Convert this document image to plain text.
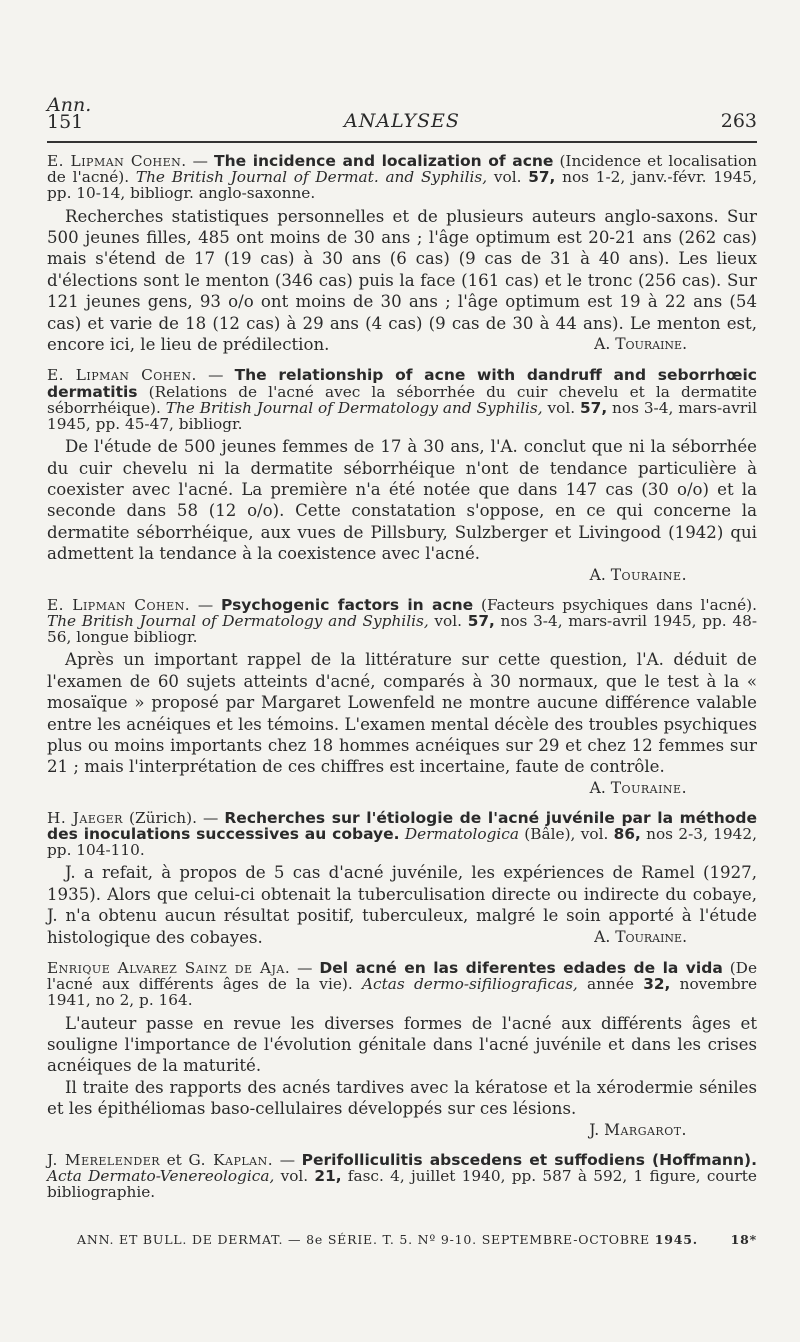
Ann.
151	ANALYSES	263

E. Lipman Cohen. — The incidence and localization of acne (Incidence et localisation de l'acné). The British Journal of Dermat. and Syphilis, vol. 57, nos 1-2, janv.-févr. 1945, pp. 10-14, bibliogr. anglo-saxonne.

Recherches statistiques personnelles et de plusieurs auteurs anglo-saxons. Sur 500 jeunes filles, 485 ont moins de 30 ans ; l'âge optimum est 20-21 ans (262 cas) mais s'étend de 17 (19 cas) à 30 ans (6 cas) (9 cas de 31 à 40 ans). Les lieux d'élections sont le menton (346 cas) puis la face (161 cas) et le tronc (256 cas). Sur 121 jeunes gens, 93 o/o ont moins de 30 ans ; l'âge optimum est 19 à 22 ans (54 cas) et varie de 18 (12 cas) à 29 ans (4 cas) (9 cas de 30 à 44 ans). Le menton est, encore ici, le lieu de prédilection.	A. Touraine.

E. Lipman Cohen. — The relationship of acne with dandruff and seborrhœic dermatitis (Relations de l'acné avec la séborrhée du cuir chevelu et la dermatite séborrhéique). The British Journal of Dermatology and Syphilis, vol. 57, nos 3-4, mars-avril 1945, pp. 45-47, bibliogr.

De l'étude de 500 jeunes femmes de 17 à 30 ans, l'A. conclut que ni la séborrhée du cuir chevelu ni la dermatite séborrhéique n'ont de tendance particulière à coexister avec l'acné. La première n'a été notée que dans 147 cas (30 o/o) et la seconde dans 58 (12 o/o). Cette constatation s'oppose, en ce qui concerne la dermatite séborrhéique, aux vues de Pillsbury, Sulzberger et Livingood (1942) qui admettent la tendance à la coexistence avec l'acné.

A. Touraine.

E. Lipman Cohen. — Psychogenic factors in acne (Facteurs psychiques dans l'acné). The British Journal of Dermatology and Syphilis, vol. 57, nos 3-4, mars-avril 1945, pp. 48-56, longue bibliogr.

Après un important rappel de la littérature sur cette question, l'A. déduit de l'examen de 60 sujets atteints d'acné, comparés à 30 normaux, que le test à la « mosaïque » proposé par Margaret Lowenfeld ne montre aucune différence valable entre les acnéiques et les témoins. L'examen mental décèle des troubles psychiques plus ou moins importants chez 18 hommes acnéiques sur 29 et chez 12 femmes sur 21 ; mais l'interprétation de ces chiffres est incertaine, faute de contrôle.

A. Touraine.

H. Jaeger (Zürich). — Recherches sur l'étiologie de l'acné juvénile par la méthode des inoculations successives au cobaye. Dermatologica (Bâle), vol. 86, nos 2-3, 1942, pp. 104-110.

J. a refait, à propos de 5 cas d'acné juvénile, les expériences de Ramel (1927, 1935). Alors que celui-ci obtenait la tuberculisation directe ou indirecte du cobaye, J. n'a obtenu aucun résultat positif, tuberculeux, malgré le soin apporté à l'étude histologique des cobayes.	A. Touraine.

Enrique Alvarez Sainz de Aja. — Del acné en las diferentes edades de la vida (De l'acné aux différents âges de la vie). Actas dermo-sifiliograficas, année 32, novembre 1941, no 2, p. 164.

L'auteur passe en revue les diverses formes de l'acné aux différents âges et souligne l'importance de l'évolution génitale dans l'acné juvénile et dans les crises acnéiques de la maturité.

Il traite des rapports des acnés tardives avec la kératose et la xérodermie séniles et les épithéliomas baso-cellulaires développés sur ces lésions.

J. Margarot.

J. Merelender et G. Kaplan. — Perifolliculitis abscedens et suffodiens (Hoffmann). Acta Dermato-Venereologica, vol. 21, fasc. 4, juillet 1940, pp. 587 à 592, 1 figure, courte bibliographie.

ANN. ET BULL. DE DERMAT. — 8e SÉRIE. T. 5. Nº 9-10. SEPTEMBRE-OCTOBRE 1945.	18*
